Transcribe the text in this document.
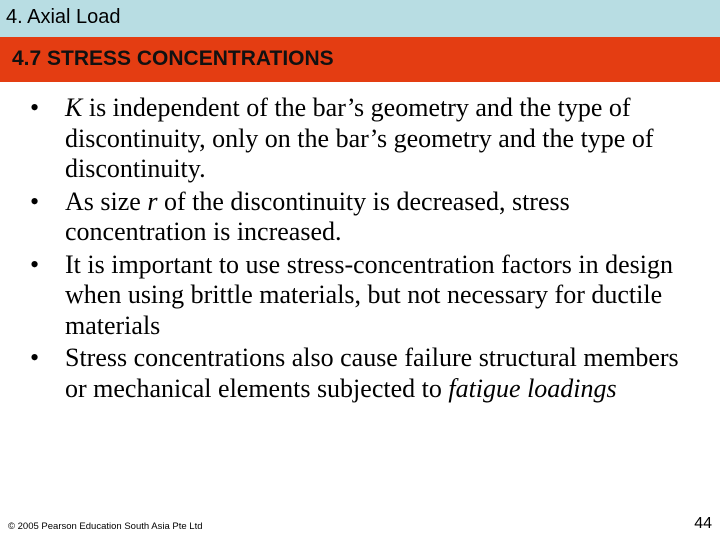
4. Axial Load
4.7 STRESS CONCENTRATIONS
• K is independent of the bar’s geometry and the type of discontinuity, only on the bar’s geometry and the type of discontinuity.
• As size r of the discontinuity is decreased, stress concentration is increased.
• It is important to use stress-concentration factors in design when using brittle materials, but not necessary for ductile materials
• Stress concentrations also cause failure structural members or mechanical elements subjected to fatigue loadings
© 2005 Pearson Education South Asia Pte Ltd	44
